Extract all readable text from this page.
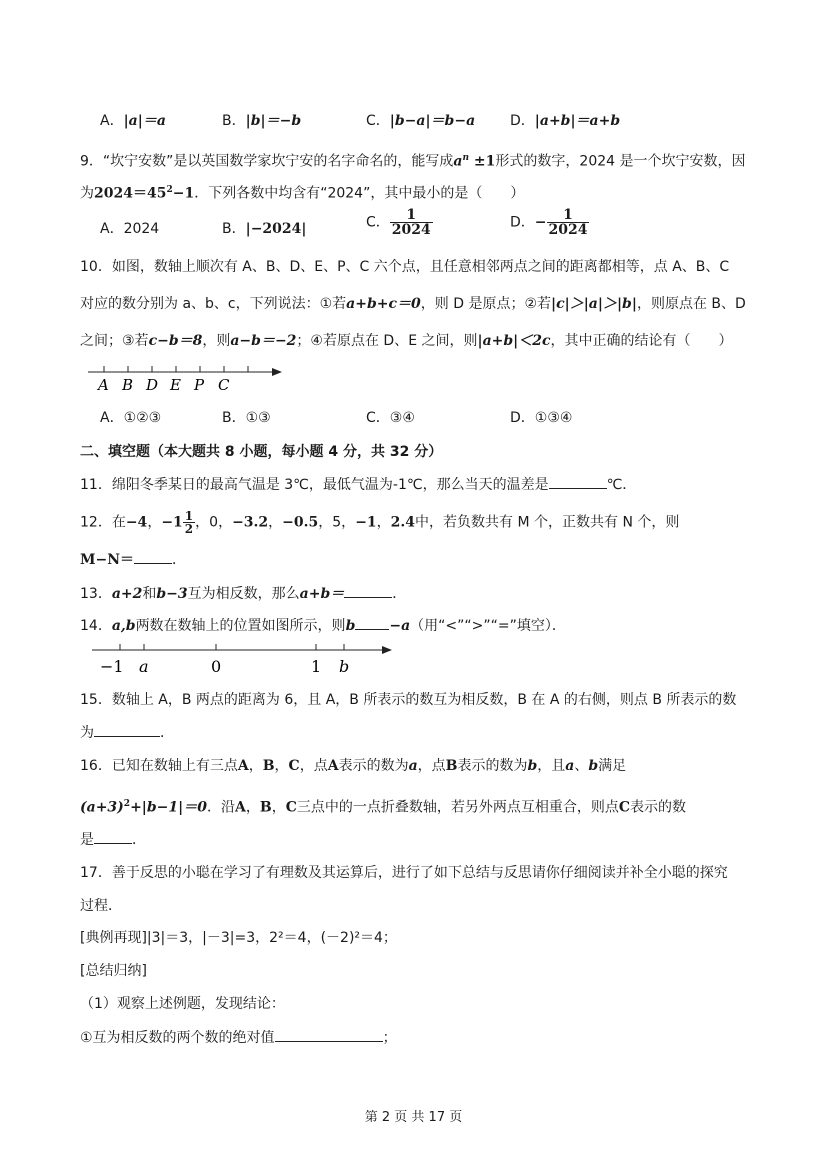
A．|a|＝a	B．|b|＝−b	C．|b−a|＝b−a D．|a+b|＝a+b
9．“坎宁安数”是以英国数学家坎宁安的名字命名的，能写成$a^n \pm 1$形式的数字，2024 是一个坎宁安数，因
为$2024=45^2-1$．下列各数中均含有“2024”，其中最小的是（　　）
A．2024	B．|−2024|	C． $\frac{1}{2024}$	D．− $\frac{1}{2024}$
10．如图，数轴上顺次有 A、B、D、E、P、C 六个点，且任意相邻两点之间的距离都相等，点 A、B、C
对应的数分别为 a、b、c，下列说法：①若a+b+c＝0，则 D 是原点；②若|c|＞|a|＞|b|，则原点在 B、D
之间；③若c−b＝8，则a−b＝−2；④若原点在 D、E 之间，则|a+b|＜2c，其中正确的结论有（　　）
A B D E P C
A．①②③	B．①③	C．③④	D．①③④
二、填空题（本大题共 8 小题，每小题 4 分，共 32 分）
11．绵阳冬季某日的最高气温是 3℃，最低气温为-1℃，那么当天的温差是	℃．
12．在−4，$-1 \frac{1}{2}$ ，0，−3.2，−0.5，5，−1，2.4中，若负数共有 M 个，正数共有 N 个，则
M−N＝	．
13．a+2和b−3互为相反数，那么a+b＝	．
14．a,b两数在数轴上的位置如图所示，则b −a（用“<”“>”“=”填空）．
−1 a	0	1 b
15．数轴上 A，B 两点的距离为 6，且 A，B 所表示的数互为相反数，B 在 A 的右侧，则点 B 所表示的数
为	．
16．已知在数轴上有三点A，B，C，点A表示的数为a，点B表示的数为b，且a、b满足
$(a+3)^2+|b-1|=0$．沿A，B，C三点中的一点折叠数轴，若另外两点互相重合，则点C表示的数
是	．
17．善于反思的小聪在学习了有理数及其运算后，进行了如下总结与反思请你仔细阅读并补全小聪的探究
过程．
[典例再现]|3|＝3，|－3|=3，2²＝4，(－2)²＝4；
[总结归纳]
（1）观察上述例题，发现结论：
①互为相反数的两个数的绝对值	；
第 2 页 共 17 页
